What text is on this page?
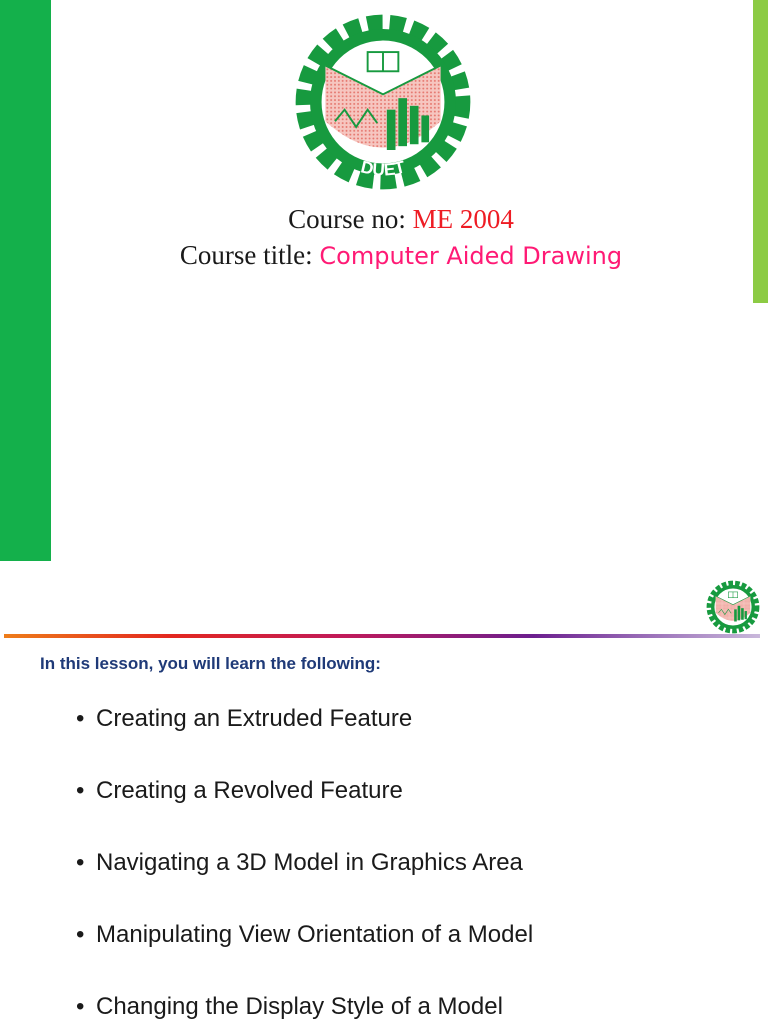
DUET
Course no: ME 2004
Course title: Computer Aided Drawing
In this lesson, you will learn the following:
• Creating an Extruded Feature
• Creating a Revolved Feature
• Navigating a 3D Model in Graphics Area
• Manipulating View Orientation of a Model
• Changing the Display Style of a Model
